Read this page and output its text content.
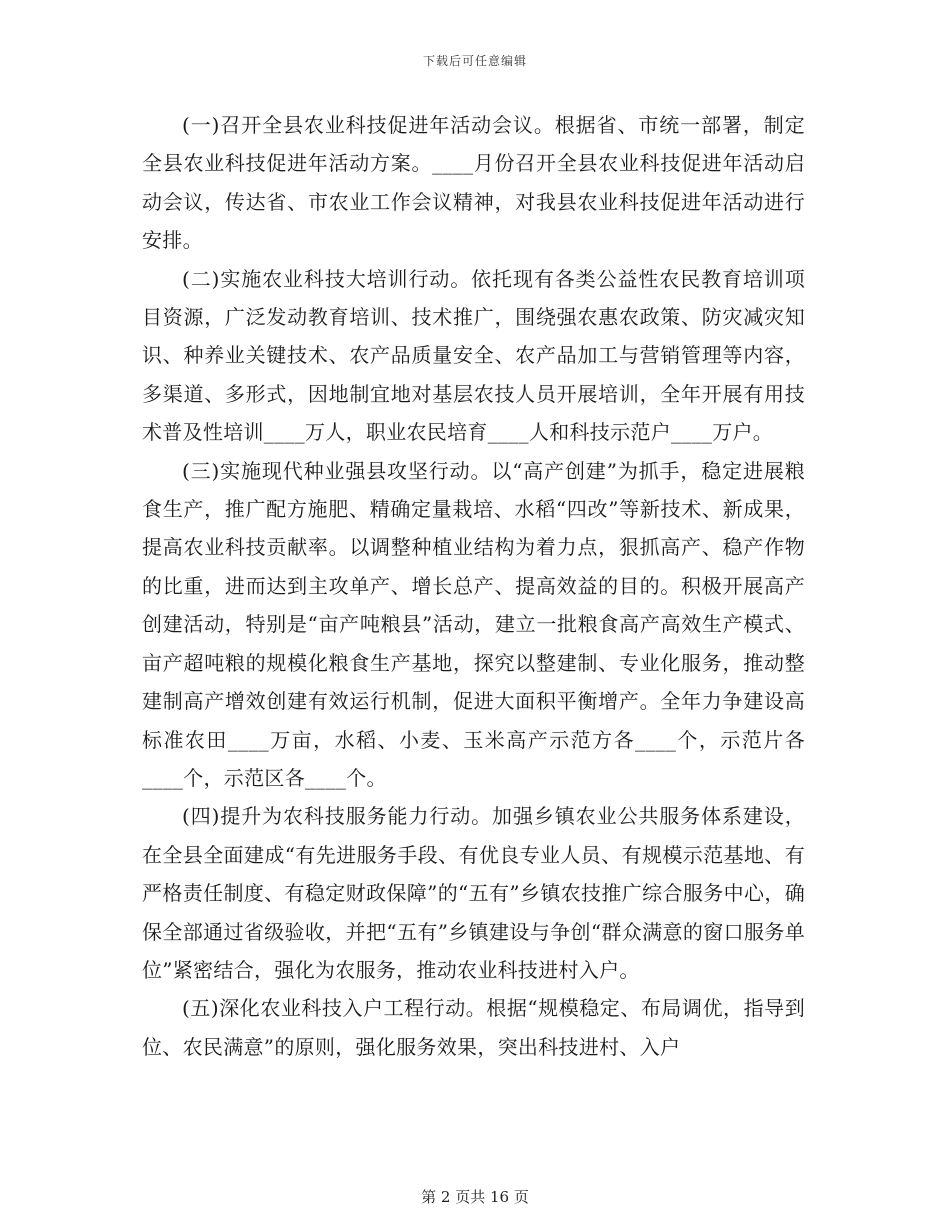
下载后可任意编辑

(一)召开全县农业科技促进年活动会议。根据省、市统一部署，制定全县农业科技促进年活动方案。____月份召开全县农业科技促进年活动启动会议，传达省、市农业工作会议精神，对我县农业科技促进年活动进行安排。

(二)实施农业科技大培训行动。依托现有各类公益性农民教育培训项目资源，广泛发动教育培训、技术推广，围绕强农惠农政策、防灾减灾知识、种养业关键技术、农产品质量安全、农产品加工与营销管理等内容，多渠道、多形式，因地制宜地对基层农技人员开展培训，全年开展有用技术普及性培训____万人，职业农民培育____人和科技示范户____万户。

(三)实施现代种业强县攻坚行动。以“高产创建”为抓手，稳定进展粮食生产，推广配方施肥、精确定量栽培、水稻“四改”等新技术、新成果，提高农业科技贡献率。以调整种植业结构为着力点，狠抓高产、稳产作物的比重，进而达到主攻单产、增长总产、提高效益的目的。积极开展高产创建活动，特别是“亩产吨粮县”活动，建立一批粮食高产高效生产模式、亩产超吨粮的规模化粮食生产基地，探究以整建制、专业化服务，推动整建制高产增效创建有效运行机制，促进大面积平衡增产。全年力争建设高标准农田____万亩，水稻、小麦、玉米高产示范方各____个，示范片各____个，示范区各____个。

(四)提升为农科技服务能力行动。加强乡镇农业公共服务体系建设，在全县全面建成“有先进服务手段、有优良专业人员、有规模示范基地、有严格责任制度、有稳定财政保障”的“五有”乡镇农技推广综合服务中心，确保全部通过省级验收，并把“五有”乡镇建设与争创“群众满意的窗口服务单位”紧密结合，强化为农服务，推动农业科技进村入户。

(五)深化农业科技入户工程行动。根据“规模稳定、布局调优，指导到位、农民满意”的原则，强化服务效果，突出科技进村、入户

第 2 页共 16 页
